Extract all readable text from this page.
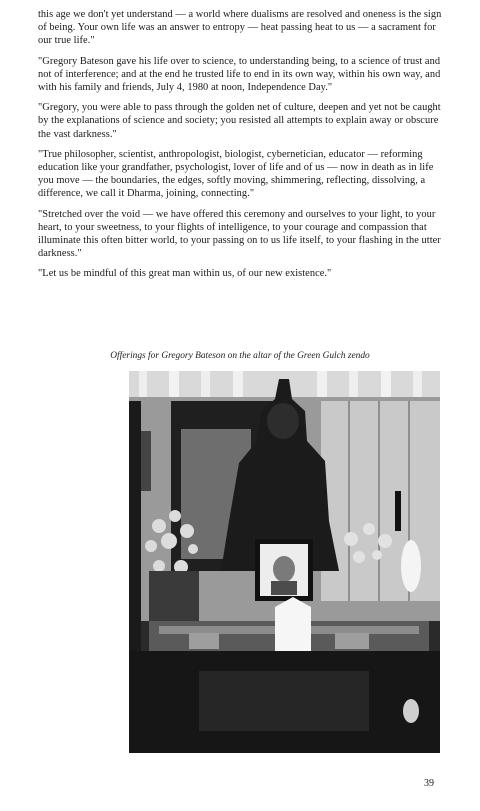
this age we don't yet understand — a world where dualisms are resolved and oneness is the sign of being. Your own life was an answer to entropy — heat passing heat to us — a sacrament for our true life."

"Gregory Bateson gave his life over to science, to understanding being, to a science of trust and not of interference; and at the end he trusted life to end in its own way, within his own way, and with his family and friends, July 4, 1980 at noon, Independence Day."

"Gregory, you were able to pass through the golden net of culture, deepen and yet not be caught by the explanations of science and society; you resisted all attempts to explain away or obscure the vast darkness."

"True philosopher, scientist, anthropologist, biologist, cybernetician, educator — reforming education like your grandfather, psychologist, lover of life and of us — now in death as in life you move — the boundaries, the edges, softly moving, shimmering, reflecting, dissolving, a difference, we call it Dharma, joining, connecting."

"Stretched over the void — we have offered this ceremony and ourselves to your light, to your heart, to your sweetness, to your flights of intelligence, to your courage and compassion that illuminate this often bitter world, to your passing on to us life itself, to your flashing in the utter darkness."

"Let us be mindful of this great man within us, of our new existence."

Offerings for Gregory Bateson on the altar of the Green Gulch zendo
39
